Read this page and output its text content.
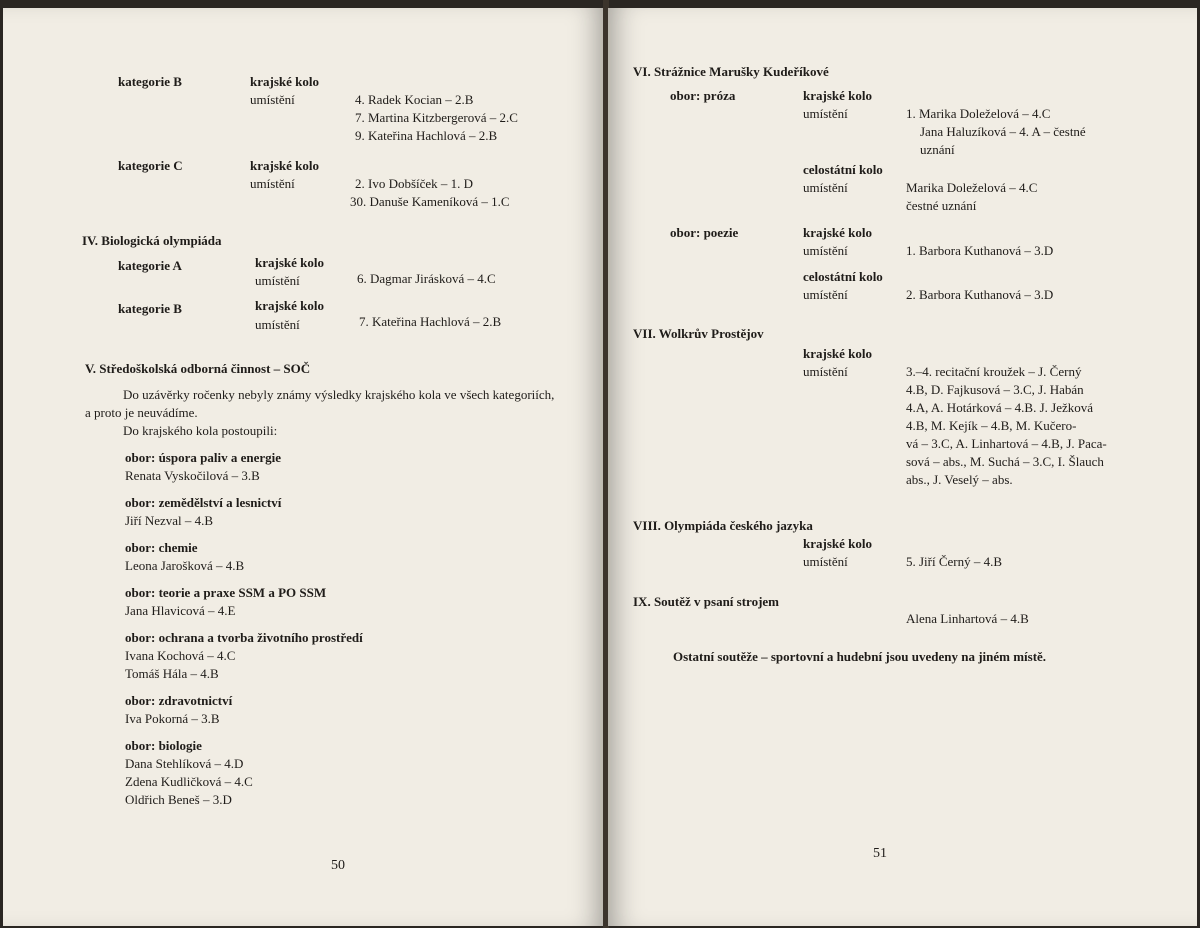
kategorie B	krajské kolo
umístění	4. Radek Kocian – 2.B
7. Martina Kitzbergerová – 2.C
9. Kateřina Hachlová – 2.B
kategorie C	krajské kolo
umístění	2. Ivo Dobšíček – 1. D
30. Danuše Kameníková – 1.C
IV. Biologická olympiáda
kategorie A	krajské kolo
umístění	6. Dagmar Jirásková – 4.C
kategorie B	krajské kolo
umístění	7. Kateřina Hachlová – 2.B
V. Středoškolská odborná činnost – SOČ
Do uzávěrky ročenky nebyly známy výsledky krajského kola ve všech kategoriích,
a proto je neuvádíme.
Do krajského kola postoupili:
obor: úspora paliv a energie
Renata Vyskočilová – 3.B
obor: zemědělství a lesnictví
Jiří Nezval – 4.B
obor: chemie
Leona Jarošková – 4.B
obor: teorie a praxe SSM a PO SSM
Jana Hlavicová – 4.E
obor: ochrana a tvorba životního prostředí
Ivana Kochová – 4.C
Tomáš Hála – 4.B
obor: zdravotnictví
Iva Pokorná – 3.B
obor: biologie
Dana Stehlíková – 4.D
Zdena Kudličková – 4.C
Oldřich Beneš – 3.D
50
VI. Strážnice Marušky Kudeříkové
obor: próza	krajské kolo
umístění	1. Marika Doleželová – 4.C
Jana Haluzíková – 4. A – čestné
uznání
celostátní kolo
umístění	Marika Doleželová – 4.C
čestné uznání
obor: poezie	krajské kolo
umístění	1. Barbora Kuthanová – 3.D
celostátní kolo
umístění	2. Barbora Kuthanová – 3.D
VII. Wolkrův Prostějov
krajské kolo
umístění	3.–4. recitační kroužek – J. Černý
4.B, D. Fajkusová – 3.C, J. Habán
4.A, A. Hotárková – 4.B. J. Ježková
4.B, M. Kejík – 4.B, M. Kučero-
vá – 3.C, A. Linhartová – 4.B, J. Paca-
sová – abs., M. Suchá – 3.C, I. Šlauch
abs., J. Veselý – abs.
VIII. Olympiáda českého jazyka
krajské kolo
umístění	5. Jiří Černý – 4.B
IX. Soutěž v psaní strojem
Alena Linhartová – 4.B
Ostatní soutěže – sportovní a hudební jsou uvedeny na jiném místě.
51
